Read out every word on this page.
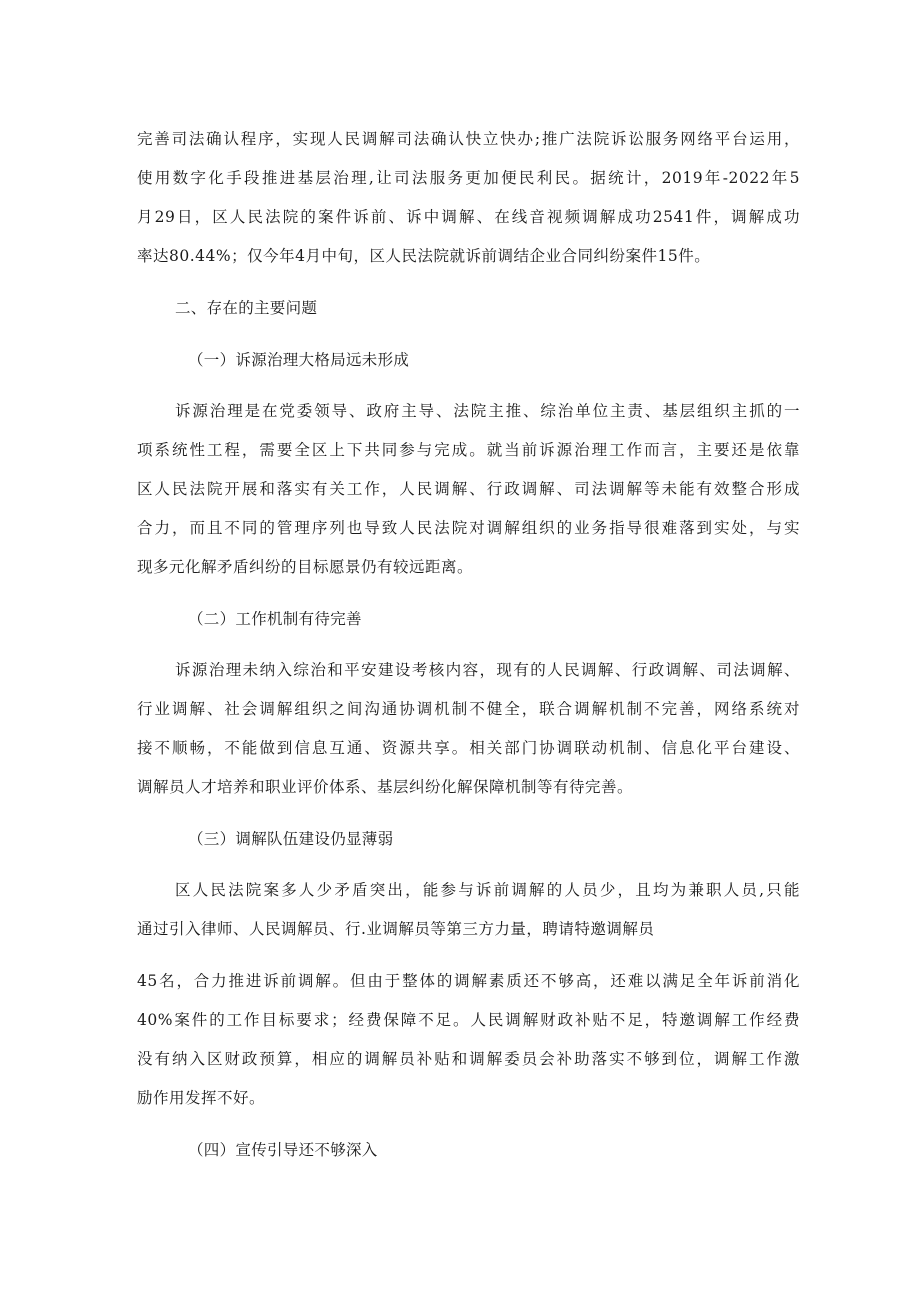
完善司法确认程序，实现人民调解司法确认快立快办;推广法院诉讼服务网络平台运用，
使用数字化手段推进基层治理,让司法服务更加便民利民。据统计，2019年-2022年5
月29日，区人民法院的案件诉前、诉中调解、在线音视频调解成功2541件，调解成功
率达80.44%；仅今年4月中旬，区人民法院就诉前调结企业合同纠纷案件15件。
二、存在的主要问题
（一）诉源治理大格局远未形成
诉源治理是在党委领导、政府主导、法院主推、综治单位主责、基层组织主抓的一
项系统性工程，需要全区上下共同参与完成。就当前诉源治理工作而言，主要还是依靠
区人民法院开展和落实有关工作，人民调解、行政调解、司法调解等未能有效整合形成
合力，而且不同的管理序列也导致人民法院对调解组织的业务指导很难落到实处，与实
现多元化解矛盾纠纷的目标愿景仍有较远距离。
（二）工作机制有待完善
诉源治理未纳入综治和平安建设考核内容，现有的人民调解、行政调解、司法调解、
行业调解、社会调解组织之间沟通协调机制不健全，联合调解机制不完善，网络系统对
接不顺畅，不能做到信息互通、资源共享。相关部门协调联动机制、信息化平台建设、
调解员人才培养和职业评价体系、基层纠纷化解保障机制等有待完善。
（三）调解队伍建设仍显薄弱
区人民法院案多人少矛盾突出，能参与诉前调解的人员少，且均为兼职人员,只能
通过引入律师、人民调解员、行.业调解员等第三方力量，聘请特邀调解员
45名，合力推进诉前调解。但由于整体的调解素质还不够高，还难以满足全年诉前消化
40%案件的工作目标要求；经费保障不足。人民调解财政补贴不足，特邀调解工作经费
没有纳入区财政预算，相应的调解员补贴和调解委员会补助落实不够到位，调解工作激
励作用发挥不好。
（四）宣传引导还不够深入
